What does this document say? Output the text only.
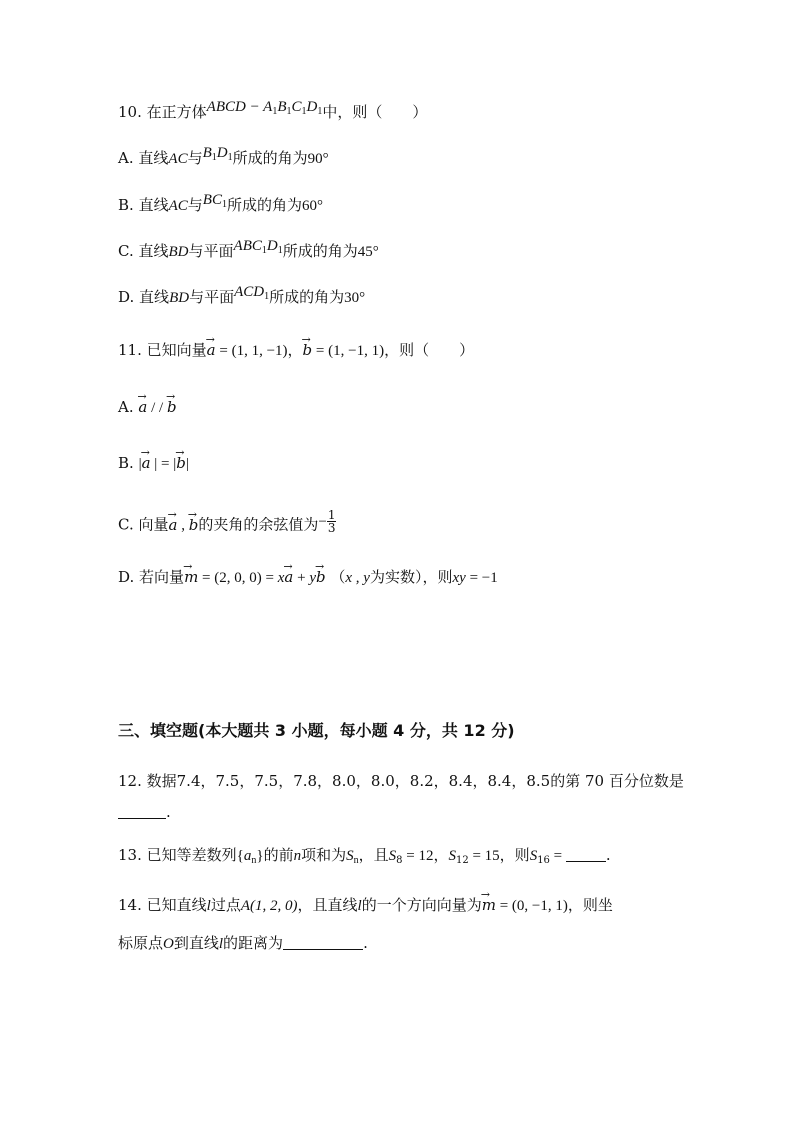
10. 在正方体ABCD − $A_1B_1C_1D_1$中，则（　　）
A. 直线AC与$B_1D_1$所成的角为90°
B. 直线AC与$BC_1$所成的角为60°
C. 直线BD与平面$ABC_1D_1$所成的角为45°
D. 直线BD与平面$ACD_1$所成的角为30°
11. 已知向量→ a = (1, 1, −1)，→ b = (1, −1, 1)，则（　　）
A. → a / / → b
B. |→ a | = |→ b|
C. 向量→ a , → b的夹角的余弦值为− $\frac{1}{3}$
D. 若向量→ m = (2, 0, 0) = x→ a + y→ b （x , y为实数），则xy = −1
三、填空题(本大题共 3 小题，每小题 4 分，共 12 分)
12. 数据7.4，7.5，7.5，7.8，8.0，8.0，8.2，8.4，8.4，8.5的第 70 百分位数是
.
13. 已知等差数列$\{a_n\}$的前n项和为$S_n$，且$S_8 = 12$，$S_{12} = 15$，则$S_{16}$ =	.
14. 已知直线l过点A(1, 2, 0)，且直线l的一个方向向量为→ m = (0, −1, 1)，则坐
标原点O到直线l的距离为	.
